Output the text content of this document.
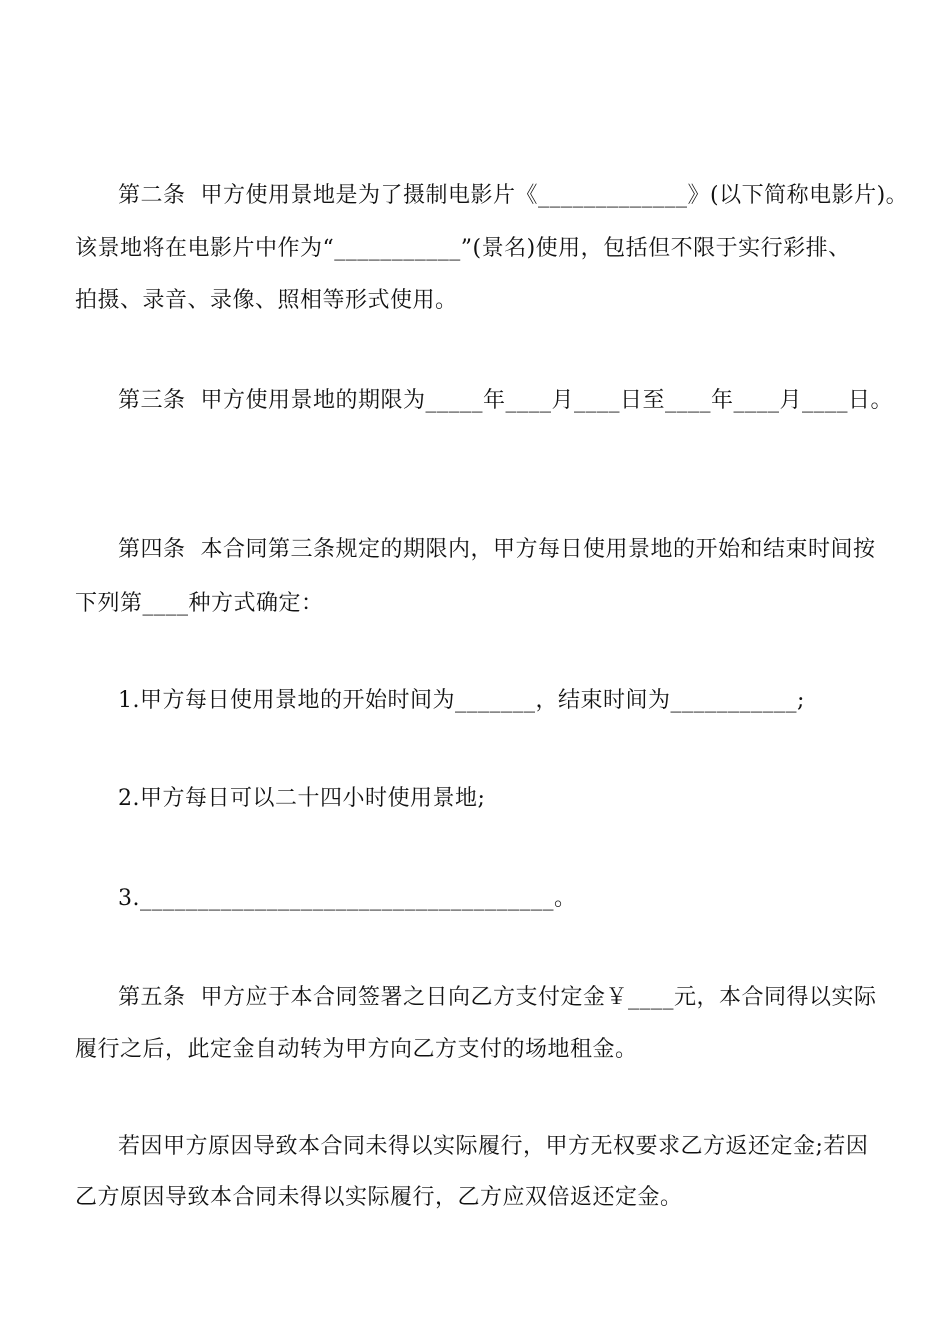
第二条  甲方使用景地是为了摄制电影片《_____________》(以下简称电影片)。
该景地将在电影片中作为“___________”(景名)使用，包括但不限于实行彩排、
拍摄、录音、录像、照相等形式使用。
第三条  甲方使用景地的期限为_____年____月____日至____年____月____日。
第四条  本合同第三条规定的期限内，甲方每日使用景地的开始和结束时间按
下列第____种方式确定：
1.甲方每日使用景地的开始时间为_______，结束时间为___________;
2.甲方每日可以二十四小时使用景地;
3.____________________________________。
第五条  甲方应于本合同签署之日向乙方支付定金￥____元，本合同得以实际
履行之后，此定金自动转为甲方向乙方支付的场地租金。
若因甲方原因导致本合同未得以实际履行，甲方无权要求乙方返还定金;若因
乙方原因导致本合同未得以实际履行，乙方应双倍返还定金。
